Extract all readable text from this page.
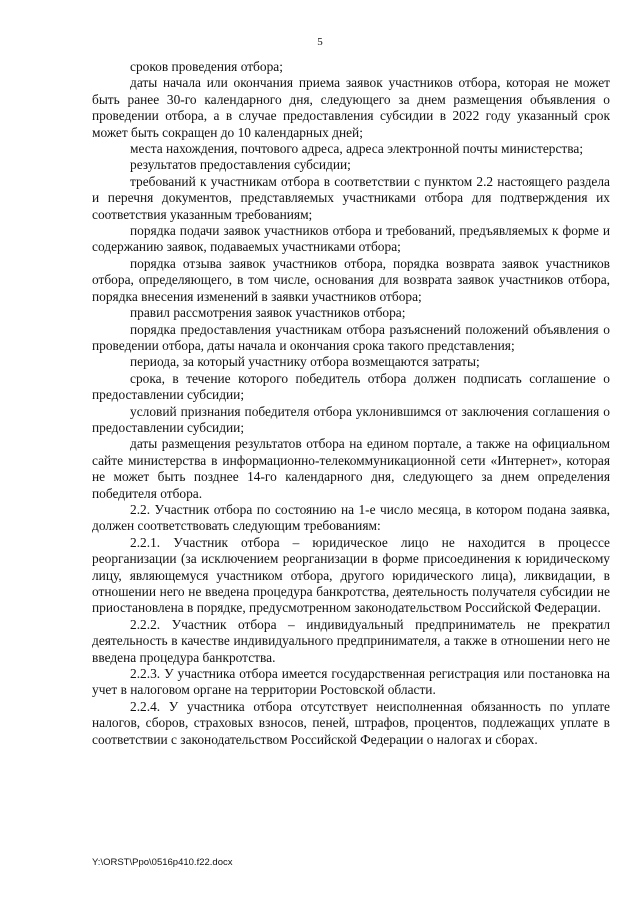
5

сроков проведения отбора;

даты начала или окончания приема заявок участников отбора, которая не может быть ранее 30-го календарного дня, следующего за днем размещения объявления о проведении отбора, а в случае предоставления субсидии в 2022 году указанный срок может быть сокращен до 10 календарных дней;

места нахождения, почтового адреса, адреса электронной почты министерства;

результатов предоставления субсидии;

требований к участникам отбора в соответствии с пунктом 2.2 настоящего раздела и перечня документов, представляемых участниками отбора для подтверждения их соответствия указанным требованиям;

порядка подачи заявок участников отбора и требований, предъявляемых к форме и содержанию заявок, подаваемых участниками отбора;

порядка отзыва заявок участников отбора, порядка возврата заявок участников отбора, определяющего, в том числе, основания для возврата заявок участников отбора, порядка внесения изменений в заявки участников отбора;

правил рассмотрения заявок участников отбора;

порядка предоставления участникам отбора разъяснений положений объявления о проведении отбора, даты начала и окончания срока такого представления;

периода, за который участнику отбора возмещаются затраты;

срока, в течение которого победитель отбора должен подписать соглашение о предоставлении субсидии;

условий признания победителя отбора уклонившимся от заключения соглашения о предоставлении субсидии;

даты размещения результатов отбора на едином портале, а также на официальном сайте министерства в информационно-телекоммуникационной сети «Интернет», которая не может быть позднее 14-го календарного дня, следующего за днем определения победителя отбора.

2.2. Участник отбора по состоянию на 1-е число месяца, в котором подана заявка, должен соответствовать следующим требованиям:

2.2.1. Участник отбора – юридическое лицо не находится в процессе реорганизации (за исключением реорганизации в форме присоединения к юридическому лицу, являющемуся участником отбора, другого юридического лица), ликвидации, в отношении него не введена процедура банкротства, деятельность получателя субсидии не приостановлена в порядке, предусмотренном законодательством Российской Федерации.

2.2.2. Участник отбора – индивидуальный предприниматель не прекратил деятельность в качестве индивидуального предпринимателя, а также в отношении него не введена процедура банкротства.

2.2.3. У участника отбора имеется государственная регистрация или постановка на учет в налоговом органе на территории Ростовской области.

2.2.4. У участника отбора отсутствует неисполненная обязанность по уплате налогов, сборов, страховых взносов, пеней, штрафов, процентов, подлежащих уплате в соответствии с законодательством Российской Федерации о налогах и сборах.

Y:\ORST\Ppo\0516p410.f22.docx
